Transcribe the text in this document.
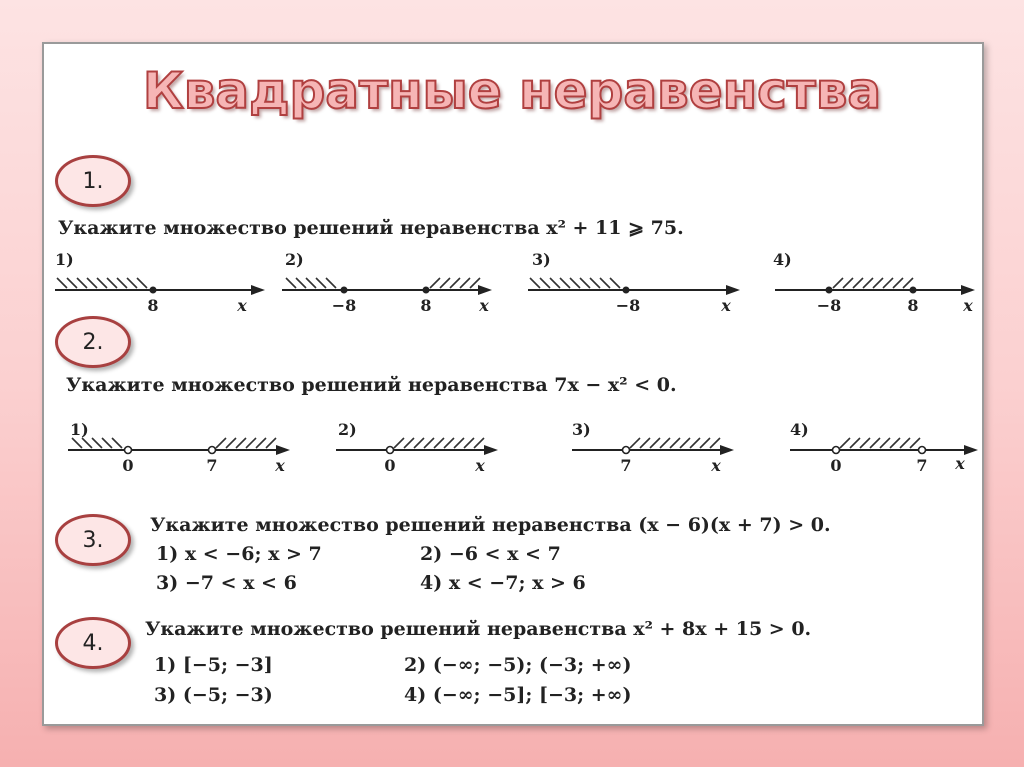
Квадратные неравенства
1.
Укажите множество решений неравенства x² + 11 ⩾ 75.
1)
8	x
2)
−8	8	x
3)
−8	x
4)
−8	8	x
2.
Укажите множество решений неравенства 7x − x² < 0.
1)
0	7	x
2)
0	x
3)
7	x
4)
0	7 x
3.
Укажите множество решений неравенства (x − 6)(x + 7) > 0.
1) x < −6; x > 7	2) −6 < x < 7
3) −7 < x < 6	4) x < −7; x > 6
4.
Укажите множество решений неравенства x² + 8x + 15 > 0.
1) [−5; −3]	2) (−∞; −5); (−3; +∞)
3) (−5; −3)	4) (−∞; −5]; [−3; +∞)
